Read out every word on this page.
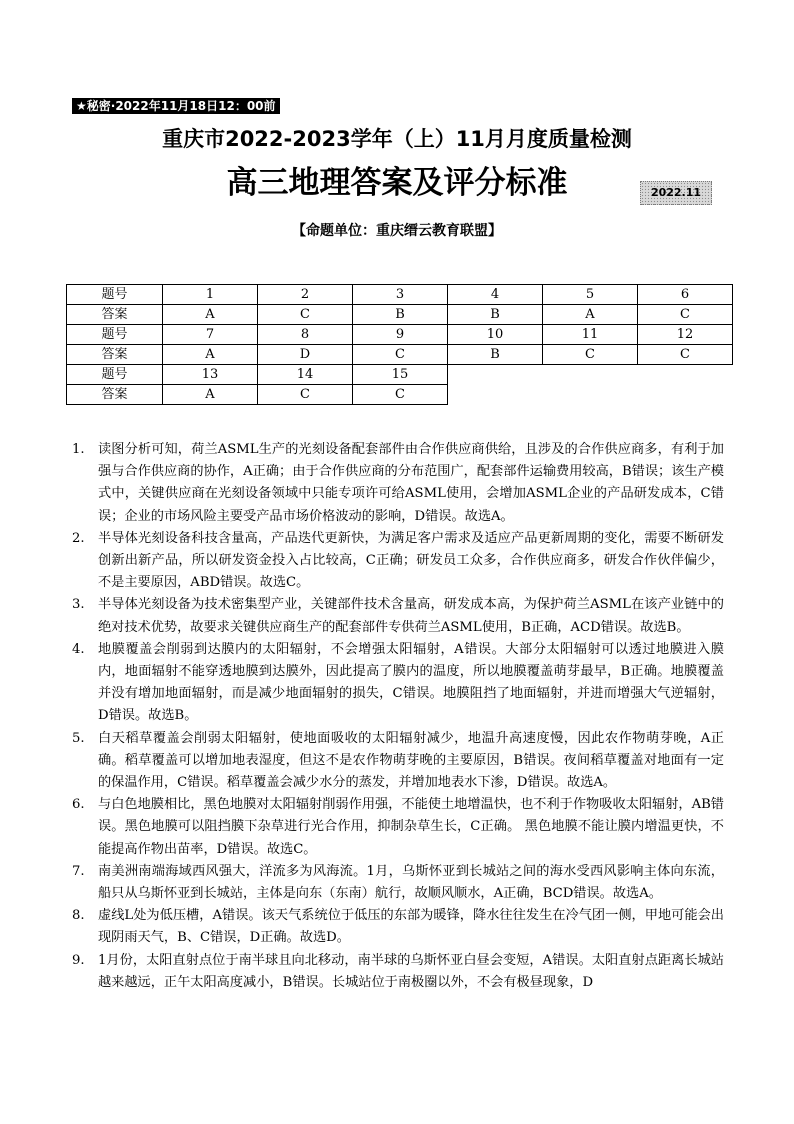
★秘密·2022年11月18日12：00前
重庆市2022-2023学年（上）11月月度质量检测
高三地理答案及评分标准	2022.11
【命题单位：重庆缙云教育联盟】
题号	1	2	3	4	5	6
答案	A	C	B	B	A	C
题号	7	8	9	10	11	12
答案	A	D	C	B	C	C
题号	13	14	15			
答案	A	C	C			
1. 读图分析可知，荷兰ASML生产的光刻设备配套部件由合作供应商供给，且涉及的合作供应商多，有利于加强与合作供应商的协作，A正确；由于合作供应商的分布范围广，配套部件运输费用较高，B错误；该生产模式中，关键供应商在光刻设备领域中只能专项许可给ASML使用，会增加ASML企业的产品研发成本，C错误；企业的市场风险主要受产品市场价格波动的影响，D错误。故选A。
2. 半导体光刻设备科技含量高，产品迭代更新快，为满足客户需求及适应产品更新周期的变化，需要不断研发创新出新产品，所以研发资金投入占比较高，C正确；研发员工众多，合作供应商多，研发合作伙伴偏少，不是主要原因，ABD错误。故选C。
3. 半导体光刻设备为技术密集型产业，关键部件技术含量高，研发成本高，为保护荷兰ASML在该产业链中的绝对技术优势，故要求关键供应商生产的配套部件专供荷兰ASML使用，B正确，ACD错误。故选B。
4. 地膜覆盖会削弱到达膜内的太阳辐射，不会增强太阳辐射，A错误。大部分太阳辐射可以透过地膜进入膜内，地面辐射不能穿透地膜到达膜外，因此提高了膜内的温度，所以地膜覆盖萌芽最早，B正确。地膜覆盖并没有增加地面辐射，而是减少地面辐射的损失，C错误。地膜阻挡了地面辐射，并进而增强大气逆辐射，D错误。故选B。
5. 白天稻草覆盖会削弱太阳辐射，使地面吸收的太阳辐射减少，地温升高速度慢，因此农作物萌芽晚，A正确。稻草覆盖可以增加地表湿度，但这不是农作物萌芽晚的主要原因，B错误。夜间稻草覆盖对地面有一定的保温作用，C错误。稻草覆盖会减少水分的蒸发，并增加地表水下渗，D错误。故选A。
6. 与白色地膜相比，黑色地膜对太阳辐射削弱作用强，不能使土地增温快，也不利于作物吸收太阳辐射，AB错误。黑色地膜可以阻挡膜下杂草进行光合作用，抑制杂草生长，C正确。 黑色地膜不能让膜内增温更快，不能提高作物出苗率，D错误。故选C。
7. 南美洲南端海域西风强大，洋流多为风海流。1月，乌斯怀亚到长城站之间的海水受西风影响主体向东流，船只从乌斯怀亚到长城站，主体是向东（东南）航行，故顺风顺水，A正确，BCD错误。故选A。
8. 虚线L处为低压槽，A错误。该天气系统位于低压的东部为暖锋，降水往往发生在冷气团一侧，甲地可能会出现阴雨天气，B、C错误，D正确。故选D。
9. 1月份，太阳直射点位于南半球且向北移动，南半球的乌斯怀亚白昼会变短，A错误。太阳直射点距离长城站越来越远，正午太阳高度减小，B错误。长城站位于南极圈以外，不会有极昼现象，D
